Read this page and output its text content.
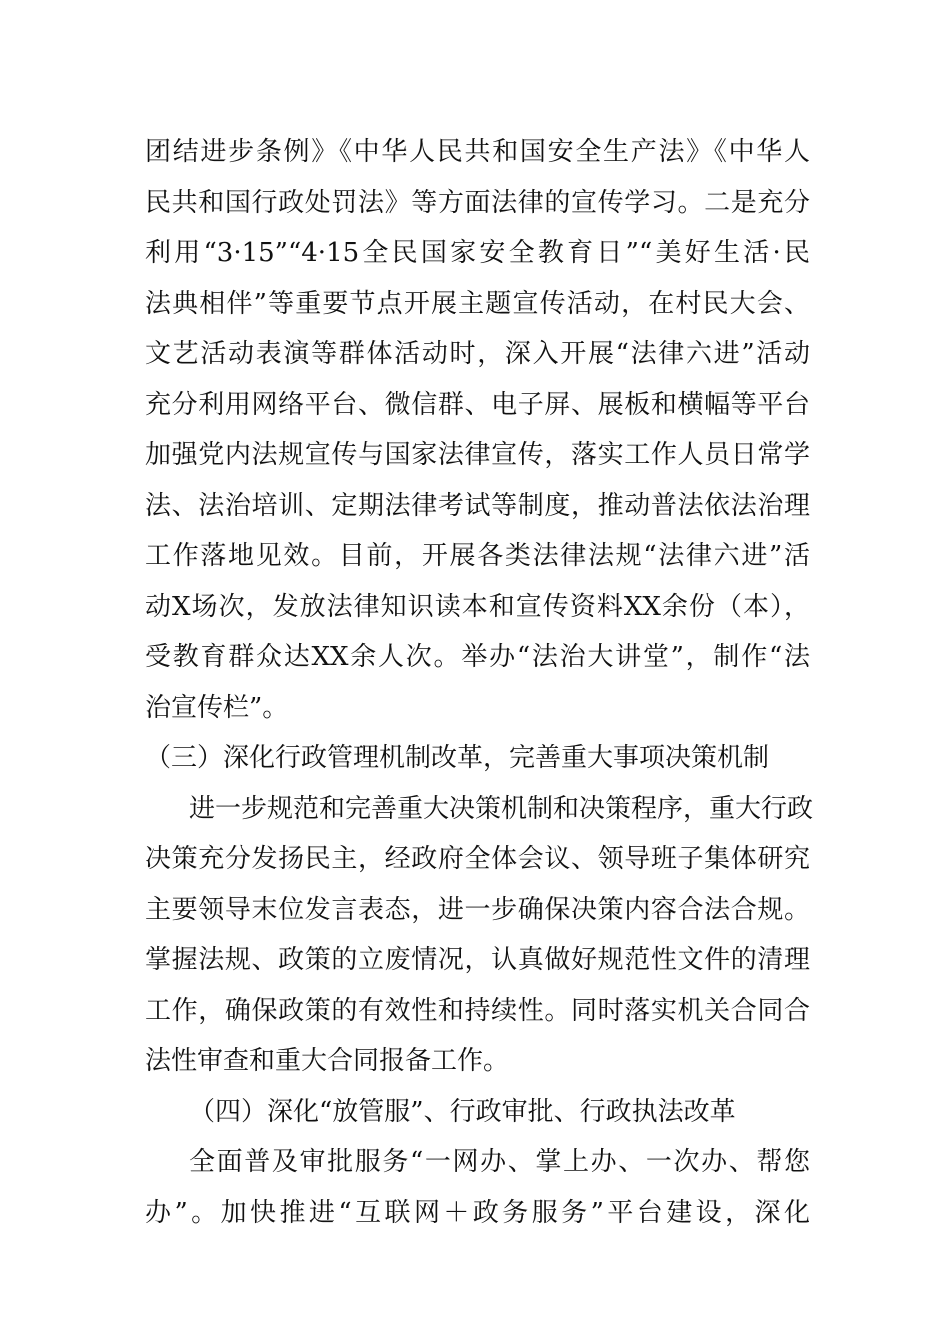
团结进步条例》《中华人民共和国安全生产法》《中华人
民共和国行政处罚法》等方面法律的宣传学习。二是充分
利用“3·15”“4·15全民国家安全教育日”“美好生活·民
法典相伴”等重要节点开展主题宣传活动，在村民大会、
文艺活动表演等群体活动时，深入开展“法律六进”活动
充分利用网络平台、微信群、电子屏、展板和横幅等平台
加强党内法规宣传与国家法律宣传，落实工作人员日常学
法、法治培训、定期法律考试等制度，推动普法依法治理
工作落地见效。目前，开展各类法律法规“法律六进”活
动X场次，发放法律知识读本和宣传资料XX余份（本），
受教育群众达XX余人次。举办“法治大讲堂”，制作“法
治宣传栏”。
（三）深化行政管理机制改革，完善重大事项决策机制
进一步规范和完善重大决策机制和决策程序，重大行政
决策充分发扬民主，经政府全体会议、领导班子集体研究
主要领导末位发言表态，进一步确保决策内容合法合规。
掌握法规、政策的立废情况，认真做好规范性文件的清理
工作，确保政策的有效性和持续性。同时落实机关合同合
法性审查和重大合同报备工作。
（四）深化“放管服”、行政审批、行政执法改革
全面普及审批服务“一网办、掌上办、一次办、帮您
办”。加快推进“互联网＋政务服务”平台建设，深化
